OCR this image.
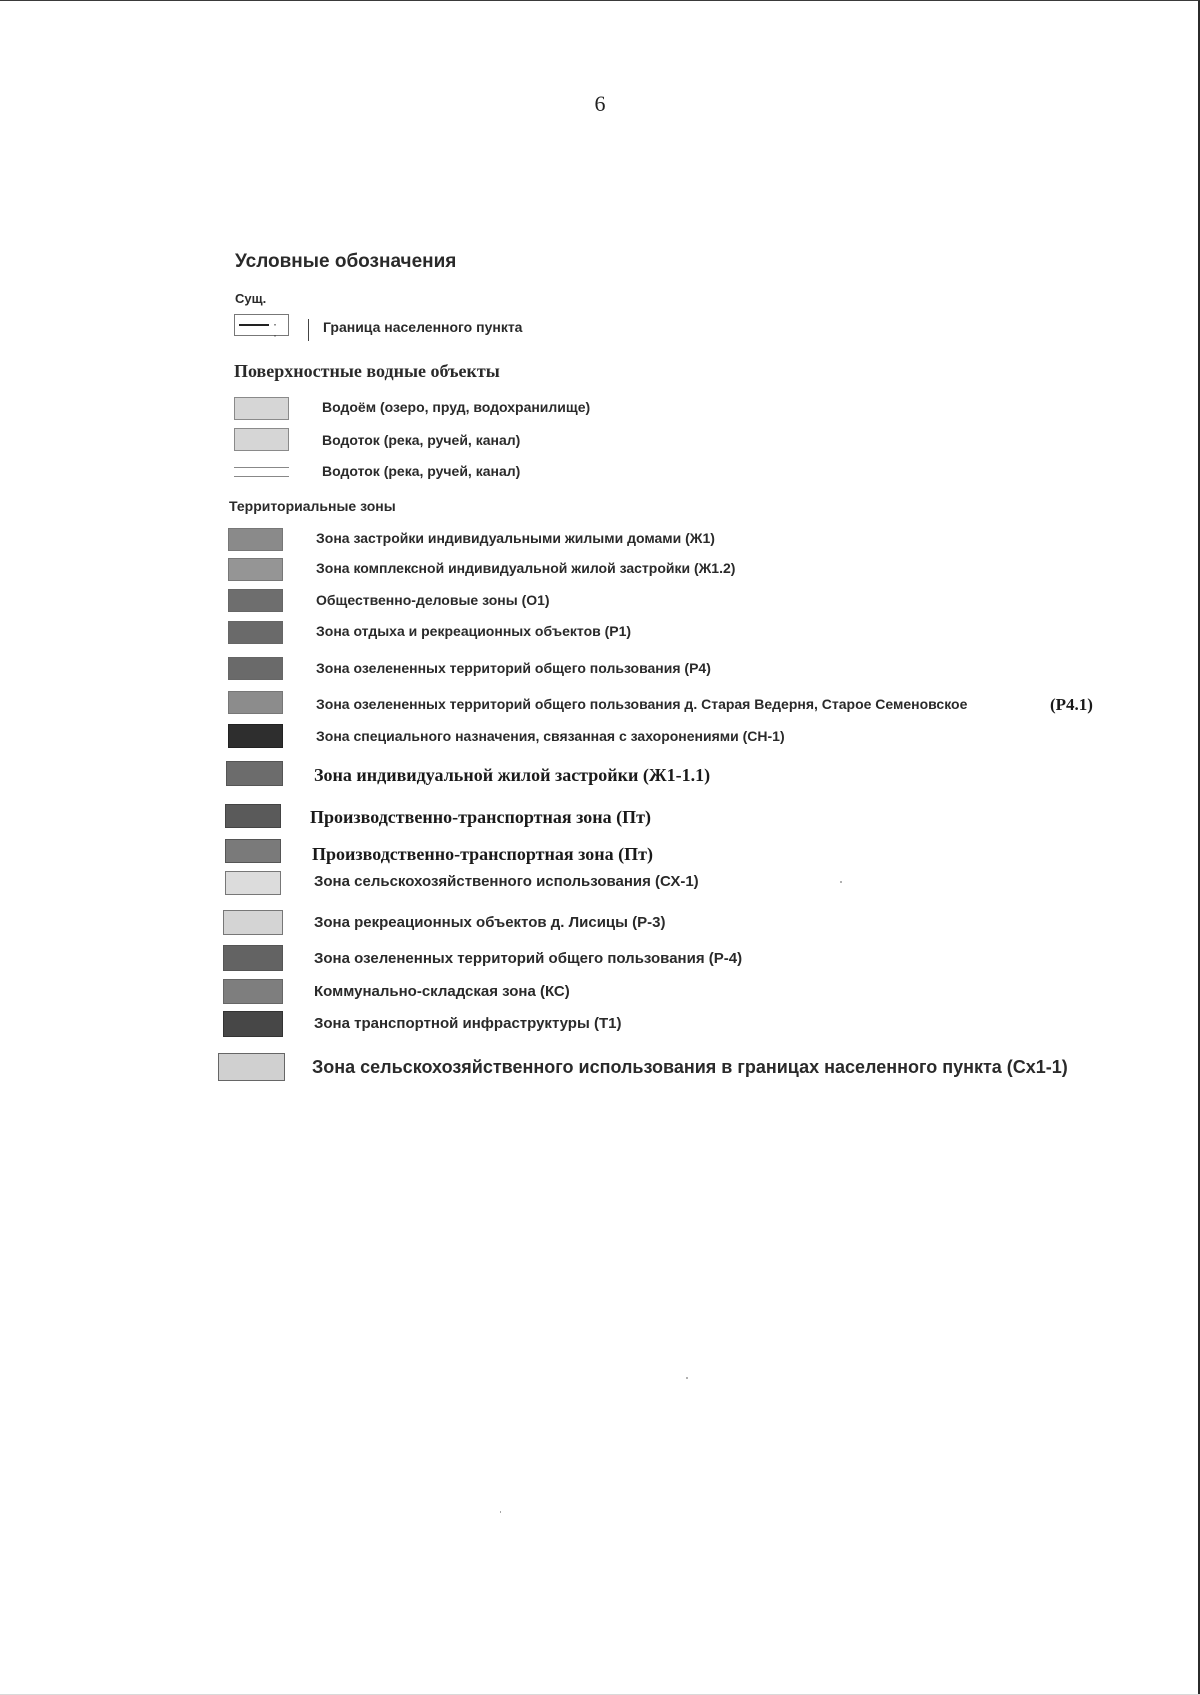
6
Условные обозначения
Сущ.
· ·
Граница населенного пункта
Поверхностные водные объекты
Водоём (озеро, пруд, водохранилище)
Водоток (река, ручей, канал)
Водоток (река, ручей, канал)
Территориальные зоны
Зона застройки индивидуальными жилыми домами (Ж1)
Зона комплексной индивидуальной жилой застройки (Ж1.2)
Общественно-деловые зоны (О1)
Зона отдыха и рекреационных объектов (Р1)
Зона озелененных территорий общего пользования (Р4)
Зона озелененных территорий общего пользования д. Старая Ведерня, Старое Семеновское	(Р4.1)
Зона специального назначения, связанная с захоронениями (СН-1)
Зона индивидуальной жилой застройки (Ж1-1.1)
Производственно-транспортная зона (Пт)
Производственно-транспортная зона (Пт)
Зона сельскохозяйственного использования (СХ-1)
Зона рекреационных объектов д. Лисицы (Р-3)
Зона озелененных территорий общего пользования (Р-4)
Коммунально-складская зона (КС)
Зона транспортной инфраструктуры (Т1)
Зона сельскохозяйственного использования в границах населенного пункта (Сх1-1)
